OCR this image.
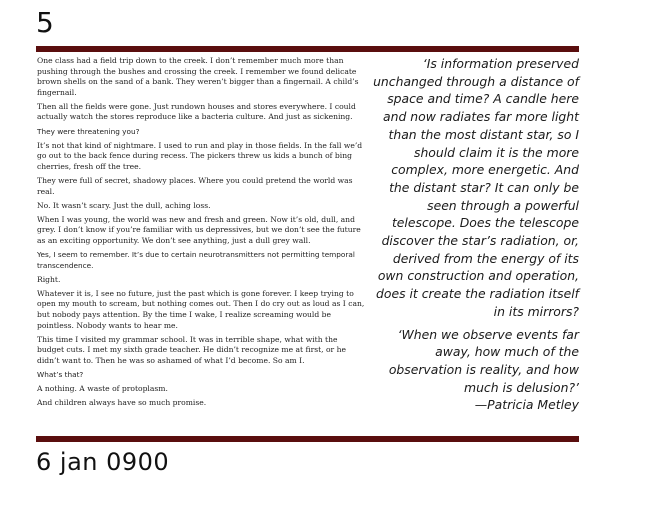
5

One class had a field trip down to the creek. I don’t remember much more than pushing through the bushes and crossing the creek. I remember we found delicate brown shells on the sand of a bank. They weren’t bigger than a fingernail. A child’s fingernail.

Then all the fields were gone. Just rundown houses and stores everywhere. I could actually watch the stores reproduce like a bacteria culture. And just as sickening.

They were threatening you?

It’s not that kind of nightmare. I used to run and play in those fields. In the fall we’d go out to the back fence during recess. The pickers threw us kids a bunch of bing cherries, fresh off the tree.

They were full of secret, shadowy places. Where you could pretend the world was real.

No. It wasn’t scary. Just the dull, aching loss.

When I was young, the world was new and fresh and green. Now it’s old, dull, and grey. I don’t know if you’re familiar with us depressives, but we don’t see the future as an exciting opportunity. We don’t see anything, just a dull grey wall.

Yes, I seem to remember. It’s due to certain neurotransmitters not permitting temporal transcendence.

Right.

Whatever it is, I see no future, just the past which is gone forever. I keep trying to open my mouth to scream, but nothing comes out. Then I do cry out as loud as I can, but nobody pays attention. By the time I wake, I realize screaming would be pointless. Nobody wants to hear me.

This time I visited my grammar school. It was in terrible shape, what with the budget cuts. I met my sixth grade teacher. He didn’t recognize me at first, or he didn’t want to. Then he was so ashamed of what I’d become. So am I.

What’s that?

A nothing. A waste of protoplasm.

And children always have so much promise.

‘Is information preserved unchanged through a distance of space and time? A candle here and now radiates far more light than the most distant star, so I should claim it is the more complex, more energetic. And the distant star? It can only be seen through a powerful telescope. Does the telescope discover the star’s radiation, or, derived from the energy of its own construction and operation, does it create the radiation itself in its mirrors?

‘When we observe events far away, how much of the observation is reality, and how much is delusion?’

—Patricia Metley

6 jan 0900
